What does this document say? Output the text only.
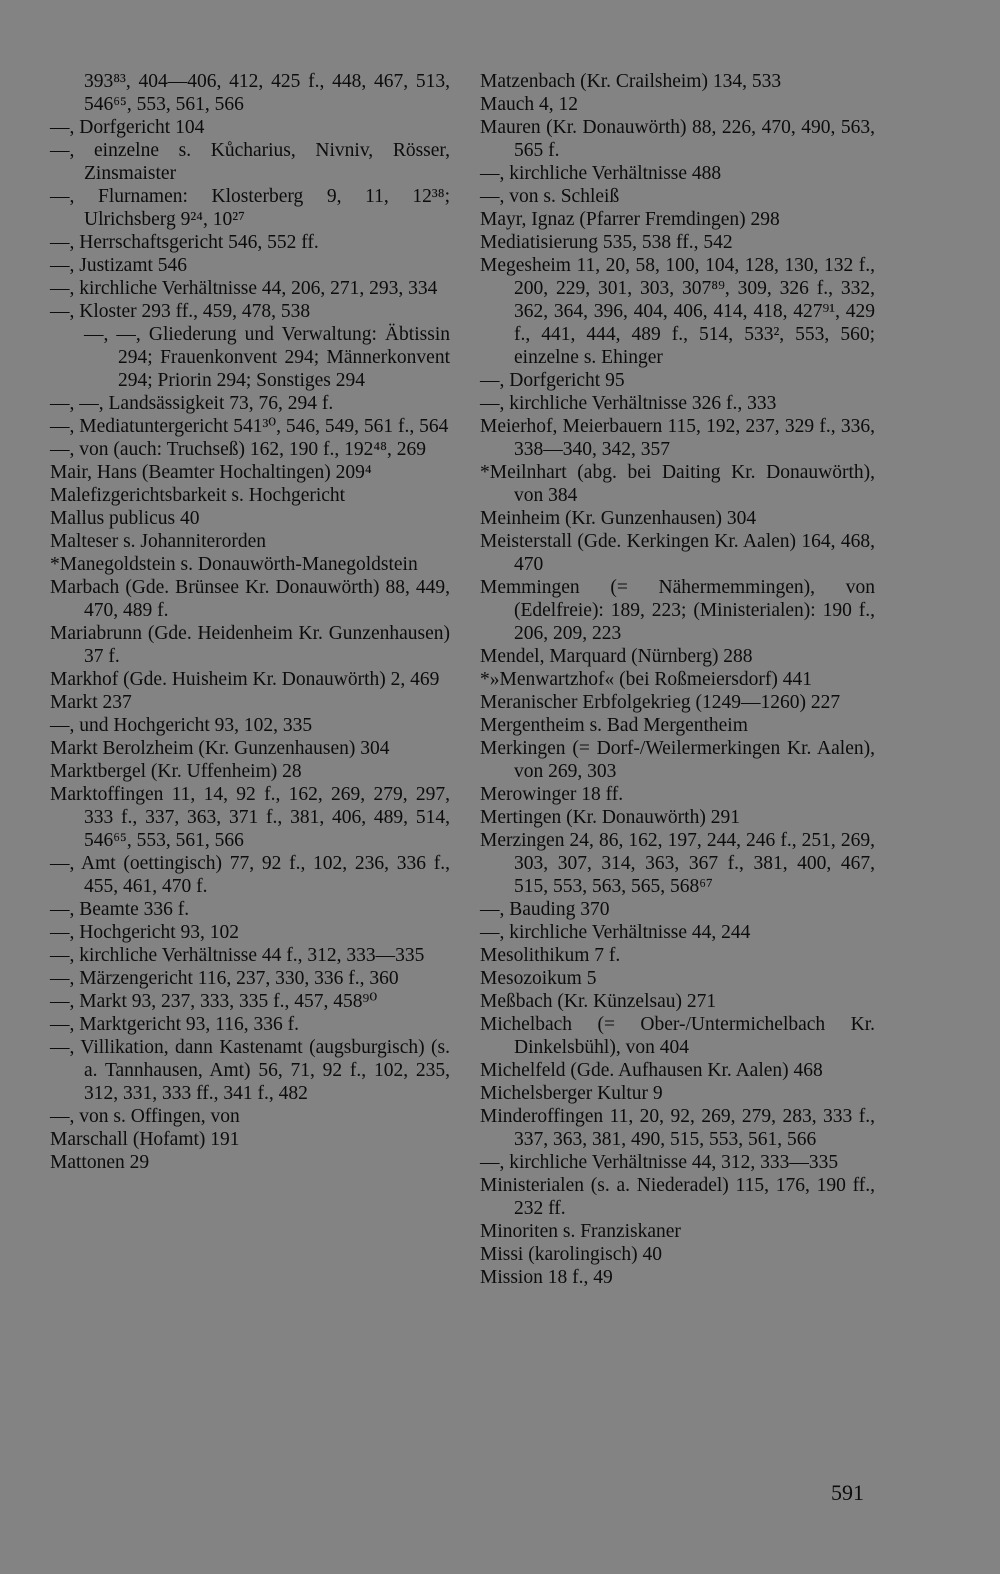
393⁸³, 404—406, 412, 425 f., 448, 467, 513, 546⁶⁵, 553, 561, 566
—, Dorfgericht 104
—, einzelne s. Kůcharius, Nivniv, Rösser, Zinsmaister
—, Flurnamen: Klosterberg 9, 11, 12³⁸; Ulrichsberg 9²⁴, 10²⁷
—, Herrschaftsgericht 546, 552 ff.
—, Justizamt 546
—, kirchliche Verhältnisse 44, 206, 271, 293, 334
—, Kloster 293 ff., 459, 478, 538
—, —, Gliederung und Verwaltung: Äbtissin 294; Frauenkonvent 294; Männerkonvent 294; Priorin 294; Sonstiges 294
—, —, Landsässigkeit 73, 76, 294 f.
—, Mediatuntergericht 541³⁰, 546, 549, 561 f., 564
—, von (auch: Truchseß) 162, 190 f., 192⁴⁸, 269
Mair, Hans (Beamter Hochaltingen) 209⁴
Malefizgerichtsbarkeit s. Hochgericht
Mallus publicus 40
Malteser s. Johanniterorden
*Manegoldstein s. Donauwörth-Manegoldstein
Marbach (Gde. Brünsee Kr. Donauwörth) 88, 449, 470, 489 f.
Mariabrunn (Gde. Heidenheim Kr. Gunzenhausen) 37 f.
Markhof (Gde. Huisheim Kr. Donauwörth) 2, 469
Markt 237
—, und Hochgericht 93, 102, 335
Markt Berolzheim (Kr. Gunzenhausen) 304
Marktbergel (Kr. Uffenheim) 28
Marktoffingen 11, 14, 92 f., 162, 269, 279, 297, 333 f., 337, 363, 371 f., 381, 406, 489, 514, 546⁶⁵, 553, 561, 566
—, Amt (oettingisch) 77, 92 f., 102, 236, 336 f., 455, 461, 470 f.
—, Beamte 336 f.
—, Hochgericht 93, 102
—, kirchliche Verhältnisse 44 f., 312, 333—335
—, Märzengericht 116, 237, 330, 336 f., 360
—, Markt 93, 237, 333, 335 f., 457, 458⁹⁰
—, Marktgericht 93, 116, 336 f.
—, Villikation, dann Kastenamt (augsburgisch) (s. a. Tannhausen, Amt) 56, 71, 92 f., 102, 235, 312, 331, 333 ff., 341 f., 482
—, von s. Offingen, von
Marschall (Hofamt) 191
Mattonen 29
Matzenbach (Kr. Crailsheim) 134, 533
Mauch 4, 12
Mauren (Kr. Donauwörth) 88, 226, 470, 490, 563, 565 f.
—, kirchliche Verhältnisse 488
—, von s. Schleiß
Mayr, Ignaz (Pfarrer Fremdingen) 298
Mediatisierung 535, 538 ff., 542
Megesheim 11, 20, 58, 100, 104, 128, 130, 132 f., 200, 229, 301, 303, 307⁸⁹, 309, 326 f., 332, 362, 364, 396, 404, 406, 414, 418, 427⁹¹, 429 f., 441, 444, 489 f., 514, 533², 553, 560; einzelne s. Ehinger
—, Dorfgericht 95
—, kirchliche Verhältnisse 326 f., 333
Meierhof, Meierbauern 115, 192, 237, 329 f., 336, 338—340, 342, 357
*Meilnhart (abg. bei Daiting Kr. Donauwörth), von 384
Meinheim (Kr. Gunzenhausen) 304
Meisterstall (Gde. Kerkingen Kr. Aalen) 164, 468, 470
Memmingen (= Nähermemmingen), von (Edelfreie): 189, 223; (Ministerialen): 190 f., 206, 209, 223
Mendel, Marquard (Nürnberg) 288
*»Menwartzhof« (bei Roßmeiersdorf) 441
Meranischer Erbfolgekrieg (1249—1260) 227
Mergentheim s. Bad Mergentheim
Merkingen (= Dorf-/Weilermerkingen Kr. Aalen), von 269, 303
Merowinger 18 ff.
Mertingen (Kr. Donauwörth) 291
Merzingen 24, 86, 162, 197, 244, 246 f., 251, 269, 303, 307, 314, 363, 367 f., 381, 400, 467, 515, 553, 563, 565, 568⁶⁷
—, Bauding 370
—, kirchliche Verhältnisse 44, 244
Mesolithikum 7 f.
Mesozoikum 5
Meßbach (Kr. Künzelsau) 271
Michelbach (= Ober-/Untermichelbach Kr. Dinkelsbühl), von 404
Michelfeld (Gde. Aufhausen Kr. Aalen) 468
Michelsberger Kultur 9
Minderoffingen 11, 20, 92, 269, 279, 283, 333 f., 337, 363, 381, 490, 515, 553, 561, 566
—, kirchliche Verhältnisse 44, 312, 333—335
Ministerialen (s. a. Niederadel) 115, 176, 190 ff., 232 ff.
Minoriten s. Franziskaner
Missi (karolingisch) 40
Mission 18 f., 49
591
